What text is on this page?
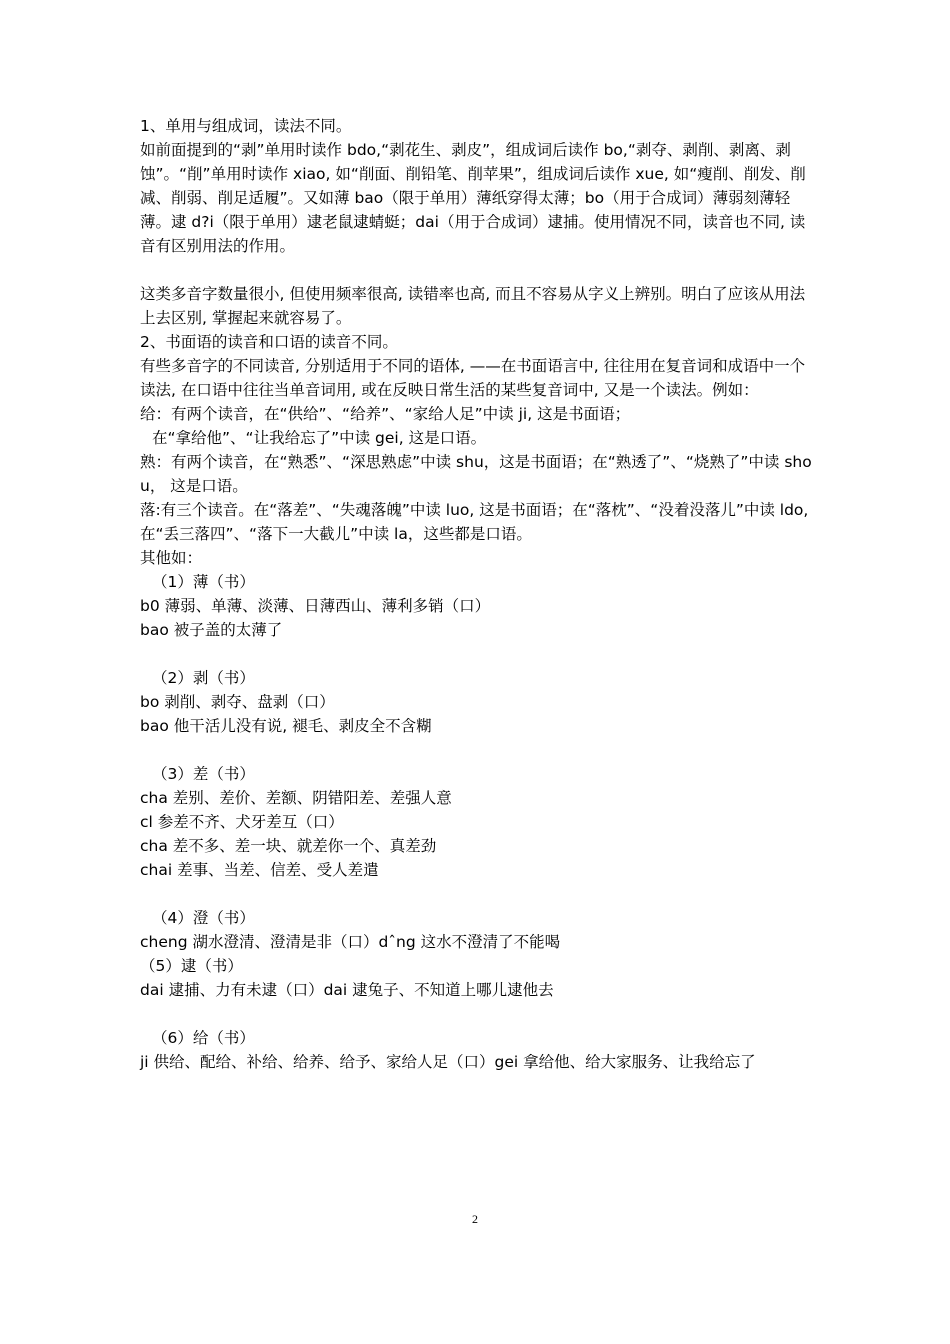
1、单用与组成词，读法不同。

如前面提到的“剥”单用时读作 bdo,“剥花生、剥皮”，组成词后读作 bo,“剥夺、剥削、剥离、剥蚀”。“削”单用时读作 xiao, 如“削面、削铅笔、削苹果”，组成词后读作 xue, 如“瘦削、削发、削减、削弱、削足适履”。又如薄 bao（限于单用）薄纸穿得太薄；bo（用于合成词）薄弱刻薄轻薄。逮 d?i（限于单用）逮老鼠逮蜻蜓；dai（用于合成词）逮捕。使用情况不同，读音也不同, 读音有区别用法的作用。

这类多音字数量很小, 但使用频率很高, 读错率也高, 而且不容易从字义上辨别。明白了应该从用法上去区别, 掌握起来就容易了。

2、书面语的读音和口语的读音不同。

有些多音字的不同读音, 分别适用于不同的语体, ——在书面语言中, 往往用在复音词和成语中一个读法, 在口语中往往当单音词用, 或在反映日常生活的某些复音词中, 又是一个读法。例如：

给：有两个读音，在“供给”、“给养”、“家给人足”中读 ji, 这是书面语；

在“拿给他”、“让我给忘了”中读 gei, 这是口语。

熟：有两个读音，在“熟悉”、“深思熟虑”中读 shu，这是书面语；在“熟透了”、“烧熟了”中读 shou， 这是口语。

落:有三个读音。在“落差”、“失魂落魄”中读 luo, 这是书面语；在“落枕”、“没着没落儿”中读 ldo,在“丢三落四”、“落下一大截儿”中读 la，这些都是口语。

其他如：

（1）薄（书）

b0 薄弱、单薄、淡薄、日薄西山、薄利多销（口）

bao 被子盖的太薄了

（2）剥（书）

bo 剥削、剥夺、盘剥（口）

bao 他干活儿没有说, 褪毛、剥皮全不含糊

（3）差（书）

cha 差别、差价、差额、阴错阳差、差强人意

cl 参差不齐、犬牙差互（口）

cha 差不多、差一块、就差你一个、真差劲

chai 差事、当差、信差、受人差遣

（4）澄（书）

cheng 湖水澄清、澄清是非（口）dˆng 这水不澄清了不能喝

（5）逮（书）

dai 逮捕、力有未逮（口）dai 逮兔子、不知道上哪儿逮他去

（6）给（书）

ji 供给、配给、补给、给养、给予、家给人足（口）gei 拿给他、给大家服务、让我给忘了

2
